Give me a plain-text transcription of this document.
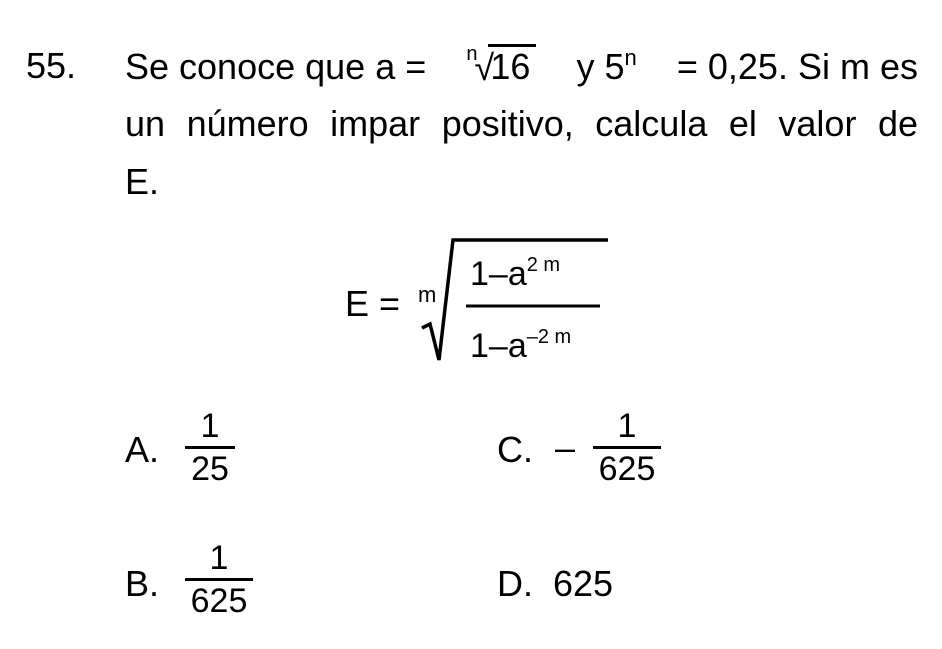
55. Se conoce que a = n
√
16 y $5^n = 0,25$. Si m es
un número impar positivo, calcula el valor de
E.
E = m
$1-a^{2 m}$
$1-a^{-2 m}$
A.
1
25	C. –
1
625
B.
1
625	D. 625
